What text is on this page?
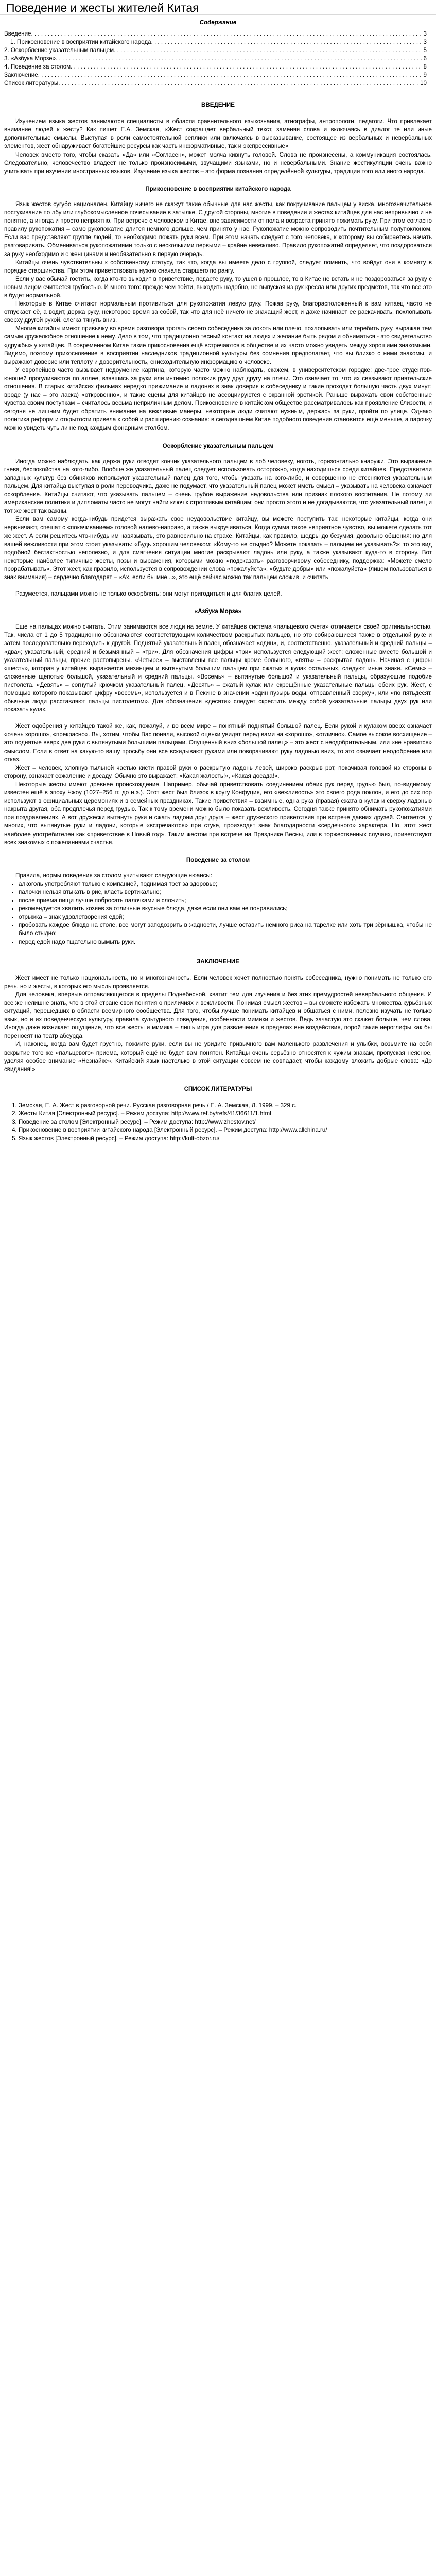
Поведение и жесты жителей Китая
Содержание
Введение . . .	3
1. Прикосновение в восприятии китайского народа . . .	3
2. Оскорбление указательным пальцем . . .	5
3. «Азбука Морзе» . . .	6
4. Поведение за столом . . .	8
Заключение . . .	9
Список литературы . . .	10
ВВЕДЕНИЕ

Изучением языка жестов занимаются специалисты в области сравнительного языкознания, этнографы, антропологи, педагоги. Что привлекает внимание людей к жесту? Как пишет Е.А. Земская, «Жест сокращает вербальный текст, заменяя слова и включаясь в диалог те или иные дополнительные смыслы. Выступая в роли самостоятельной реплики или включаясь в высказывание, состоящее из вербальных и невербальных элементов, жест обнаруживает богатейшие ресурсы как часть информативные, так и экспрессивные»

Человек вместо того, чтобы сказать «Да» или «Согласен», может молча кивнуть головой. Слова не произнесены, а коммуникация состоялась. Следовательно, человечество владеет не только произносимыми, звучащими языками, но и невербальными. Знание жестикуляции очень важно учитывать при изучении иностранных языков. Изучение языка жестов – это форма познания определённой культуры, традиции того или иного народа.

Прикосновение в восприятии китайского народа

Язык жестов сугубо национален. Китайцу ничего не скажут такие обычные для нас жесты, как покручивание пальцем у виска, многозначительное постукивание по лбу или глубокомысленное почесывание в затылке. С другой стороны, многие в поведении и жестах китайцев для нас непривычно и не понятно, а иногда и просто неприятно. При встрече с человеком в Китае, вне зависимости от пола и возраста принято пожимать руку. При этом согласно правилу рукопожатия – само рукопожатие длится немного дольше, чем принято у нас. Рукопожатие можно сопроводить почтительным полупоклоном. Если вас представляют группе людей, то необходимо пожать руки всем. При этом начать следует с того человека, к которому вы собираетесь начать разговаривать. Обмениваться рукопожатиями только с несколькими первыми – крайне невежливо. Правило рукопожатий определяет, что поздороваться за руку необходимо и с женщинами и необязательно в первую очередь.

Китайцы очень чувствительны к собственному статусу, так что, когда вы имеете дело с группой, следует помнить, что войдут они в комнату в порядке старшинства. При этом приветствовать нужно сначала старшего по рангу.

Если у вас обычай гостить, когда кто-то выходит в приветствие, подаете руку, то ушел в прошлое, то в Китае не встать и не поздороваться за руку с новым лицом считается грубостью. И много того: прежде чем войти, выходить надобно, не выпуская из рук кресла или других предметов, так что все это в будет нормальной.

Некоторые в Китае считают нормальным противиться для рукопожатия левую руку. Пожав руку, благорасположенный к вам китаец часто не отпускает её, а водит, держа руку, некоторое время за собой, так что для неё ничего не значащий жест, и даже начинает ее раскачивать, похлопывать сверху другой рукой, слегка тянуть вниз.

Многие китайцы имеют привычку во время разговора трогать своего собеседника за локоть или плечо, похлопывать или теребить руку, выражая тем самым дружелюбное отношение к нему. Дело в том, что традиционно тесный контакт на людях и желание быть рядом и обниматься - это свидетельство «дружбы» у китайцев. В современном Китае такие прикосновения ещё встречаются в обществе и их часто можно увидеть между хорошими знакомыми. Видимо, поэтому прикосновение в восприятии наследников традиционной культуры без сомнения предполагает, что вы близко с ними знакомы, и выражают доверие или теплоту и доверительность, снисходительную информацию о человеке.

У европейцев часто вызывает недоумение картина, которую часто можно наблюдать, скажем, в университетском городке: две-трое студентов-юношей прогуливаются по аллее, взявшись за руки или интимно положив руку друг другу на плечи. Это означает то, что их связывают приятельские отношения. В старых китайских фильмах нередко прижимание и ладонях в знак доверия к собеседнику и такие проходят большую часть двух минут: вроде (у нас – это ласка) «откровенно», и такие сцены для китайцев не ассоциируются с экранной эротикой. Раньше выражать свои собственные чувства своим поступкам – считалось весьма неприличным делом. Прикосновение в китайском обществе рассматривалось как проявление близости, и сегодня не лишним будет обратить внимание на вежливые манеры, некоторые люди считают нужным, держась за руки, пройти по улице. Однако политика реформ и открытости привела к собой и расширению сознания: в сегодняшнем Китае подобного поведения становится ещё меньше, а парочку можно увидеть чуть ли не под каждым фонарным столбом.

Оскорбление указательным пальцем

Иногда можно наблюдать, как держа руки отводят кончик указательного пальцем в лоб человеку, ноготь, горизонтально кнаружи. Это выражение гнева, беспокойства на кого-либо. Вообще же указательный палец следует использовать осторожно, когда находишься среди китайцев. Представители западных культур без обиняков используют указательный палец для того, чтобы указать на кого-либо, и совершенно не стесняются указательным пальцем. Для китайца выступая в роли переводчика, даже не подумает, что указательный палец может иметь смысл – указывать на человека означает оскорбление. Китайцы считают, что указывать пальцем – очень грубое выражение недовольства или признак плохого воспитания. Не потому ли американские политики и дипломаты часто не могут найти ключ к строптивым китайцам: они просто этого и не догадываются, что указательный палец и тот же жест так важны.

Если вам самому когда-нибудь придется выражать свое неудовольствие китайцу, вы можете поступить так: некоторые китайцы, когда они нервничают, спешат с «покачиванием» головой налево-направо, а также выкручиваться. Когда сумма такое неприятное чувство, вы можете сделать тот же жест. А если решитесь что-нибудь им навязывать, это равносильно на страхе. Китайцы, как правило, щедры до безумия, довольно общения: но для вашей вежливости при этом стоит указывать: «Будь хорошим человеком: «Кому-то не стыдно? Можете показать – пальцем не указывать?»: то это вид подобной бестактностью неполезно, и для смягчения ситуации многие раскрывают ладонь или руку, а также указывают куда-то в сторону. Вот некоторые наиболее типичные жесты, позы и выражения, которыми можно «подсказать» разговорчивому собеседнику, поддержка: «Можете смело прорабатывать». Этот жест, как правило, используется в сопровождении слова «пожалуйста», «будьте добры» или «пожалуйста» (лицом пользоваться в знак внимания) – сердечно благодарят – «Ах, если бы мне...», это ещё сейчас можно так пальцем сложив, и считать

Разумеется, пальцами можно не только оскорблять: они могут пригодиться и для благих целей.

«Азбука Морзе»

Еще на пальцах можно считать. Этим занимаются все люди на земле. У китайцев система «пальцевого счета» отличается своей оригинальностью. Так, числа от 1 до 5 традиционно обозначаются соответствующим количеством раскрытых пальцев, но это собирающиеся также в отдельной руке и затем последовательно переходить к другой. Поднятый указательный палец обозначает «один», и, соответственно, указательный и средний пальцы – «два»; указательный, средний и безымянный – «три». Для обозначения цифры «три» используется следующий жест: сложенные вместе большой и указательный пальцы, прочие растопырены. «Четыре» – выставлены все пальцы кроме большого, «пять» – раскрытая ладонь. Начиная с цифры «шесть», которая у китайцев выражается мизинцем и вытянутым большим пальцем при сжатых в кулак остальных, следуют иные знаки. «Семь» – сложенные щепотью большой, указательный и средний пальцы. «Восемь» – вытянутые большой и указательный пальцы, образующие подобие пистолета. «Девять» – согнутый крючком указательный палец. «Десять» – сжатый кулак или скрещённые указательные пальцы обеих рук. Жест, с помощью которого показывают цифру «восемь», используется и в Пекине в значении «один пузырь воды, отправленный сверху», или «по пятьдесят, обычные люди расставляют пальцы пистолетом». Для обозначения «десяти» следует скрестить между собой указательные пальцы двух рук или показать кулак.

Жест одобрения у китайцев такой же, как, пожалуй, и во всем мире – понятный поднятый большой палец. Если рукой и кулаком вверх означает «очень хорошо», «прекрасно». Вы, хотим, чтобы Вас поняли, высокой оценки увидят перед вами на «хорошо», «отлично». Самое высокое восхищение – это поднятые вверх две руки с вытянутыми большими пальцами. Опущенный вниз «большой палец» – это жест с неодобрительным, или «не нравится» смыслом. Если в ответ на какую-то вашу просьбу они все вскидывают руками или поворачивают руку ладонью вниз, то это означает неодобрение или отказ.

Жест – человек, хлопнув тыльной частью кисти правой руки о раскрытую ладонь левой, широко раскрыв рот, покачивая головой из стороны в сторону, означает сожаление и досаду. Обычно это выражает: «Какая жалость!», «Какая досада!».

Некоторые жесты имеют древнее происхождение. Например, обычай приветствовать соединением обеих рук перед грудью был, по-видимому, известен ещё в эпоху Чжоу (1027–256 гг. до н.э.). Этот жест был близок в кругу Конфуция, его «вежливость» это своего рода поклон, и его до сих пор используют в официальных церемониях и в семейных праздниках. Такие приветствия – взаимные, одна рука (правая) сжата в кулак и сверху ладонью накрыта другая, оба предплечья перед грудью. Так к тому времени можно было показать вежливость. Сегодня также принято обнимать рукопожатиями при поздравлениях. А вот дружески вытянуть руки и сжать ладони друг друга – жест дружеского приветствия при встрече давних друзей. Считается, у многих, что вытянутые руки и ладони, которые «встречаются» при стуке, производят знак благодарности «сердечного» характера. Но, этот жест наиболее употребителен как «приветствие в Новый год». Таким жестом при встрече на Празднике Весны, или в торжественных случаях, приветствуют всех знакомых с пожеланиями счастья.

Поведение за столом

Правила, нормы поведения за столом учитывают следующие нюансы:

• алкоголь употребляют только с компанией, поднимая тост за здоровье;
• палочки нельзя втыкать в рис, класть вертикально;
• после приема пищи лучше побросать палочками и сложить;
• рекомендуется хвалить хозяев за отличные вкусные блюда, даже если они вам не понравились;
• отрыжка – знак удовлетворения едой;
• пробовать каждое блюдо на столе, все могут заподозрить в жадности, лучше оставить немного риса на тарелке или хоть три зёрнышка, чтобы не было стыдно;
• перед едой надо тщательно вымыть руки.
ЗАКЛЮЧЕНИЕ

Жест имеет не только национальность, но и многозначность. Если человек хочет полностью понять собеседника, нужно понимать не только его речь, но и жесты, в которых его мысль проявляется.

Для человека, впервые отправляющегося в пределы Поднебесной, хватит тем для изучения и без этих премудростей невербального общения. И все же нелишне знать, что в этой стране свои понятия о приличиях и вежливости. Понимая смысл жестов – вы сможете избежать множества курьёзных ситуаций, перешедших в области всемирного сообщества. Для того, чтобы лучше понимать китайцев и общаться с ними, полезно изучать не только язык, но и их поведенческую культуру, правила культурного поведения, особенности мимики и жестов. Ведь зачастую это скажет больше, чем слова. Иногда даже возникает ощущение, что все жесты и мимика – лишь игра для развлечения в пределах вне воздействия, порой такие иероглифы как бы переносят на театр абсурда.

И, наконец, когда вам будет грустно, пожмите руки, если вы не увидите привычного вам маленького развлечения и улыбки, возьмите на себя вскрытие того же «пальцевого» приема, который ещё не будет вам понятен. Китайцы очень серьёзно относятся к чужим знакам, пропуская неясное, уделяя особое внимание «Незнайке». Китайский язык настолько в этой ситуации совсем не совпадает, чтобы каждому вложить добрые слова: «До свидания!»

СПИСОК ЛИТЕРАТУРЫ
1. Земская, Е. А. Жест в разговорной речи. Русская разговорная речь / Е. А. Земская, Л. 1999. – 329 с.
2. Жесты Китая [Электронный ресурс]. – Режим доступа: http://www.ref.by/refs/41/36611/1.html
3. Поведение за столом [Электронный ресурс]. – Режим доступа: http://www.zhestov.net/
4. Прикосновение в восприятии китайского народа [Электронный ресурс]. – Режим доступа: http://www.allchina.ru/
5. Язык жестов [Электронный ресурс]. – Режим доступа: http://kult-obzor.ru/
